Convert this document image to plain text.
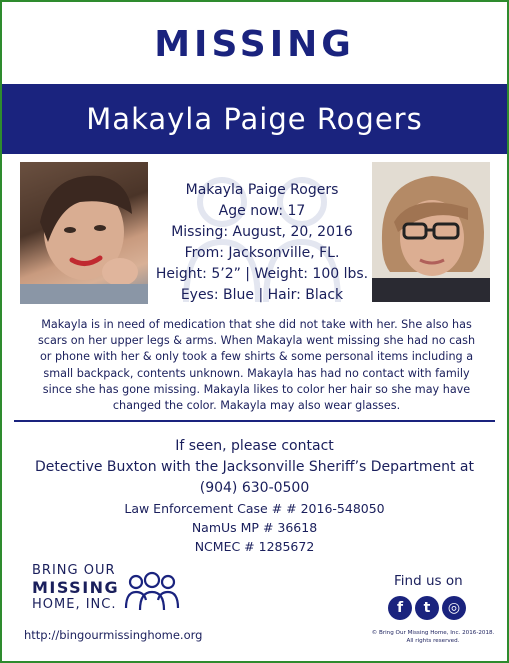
MISSING
Makayla Paige Rogers
Makayla Paige Rogers
Age now: 17
Missing: August, 20, 2016
From: Jacksonville, FL.
Height: 5’2” | Weight: 100 lbs.
Eyes: Blue | Hair: Black
Makayla is in need of medication that she did not take with her. She also has scars on her upper legs & arms. When Makayla went missing she had no cash or phone with her & only took a few shirts & some personal items including a small backpack, contents unknown. Makayla has had no contact with family since she has gone missing. Makayla likes to color her hair so she may have changed the color. Makayla may also wear glasses.
If seen, please contact
Detective Buxton with the Jacksonville Sheriff’s Department at
(904) 630-0500
Law Enforcement Case # # 2016-548050
NamUs MP # 36618
NCMEC # 1285672
BRING OUR
MISSING
HOME, INC.
http://bingourmissinghome.org
Find us on
f t ◎
© Bring Our Missing Home, Inc. 2016-2018.
All rights reserved.
